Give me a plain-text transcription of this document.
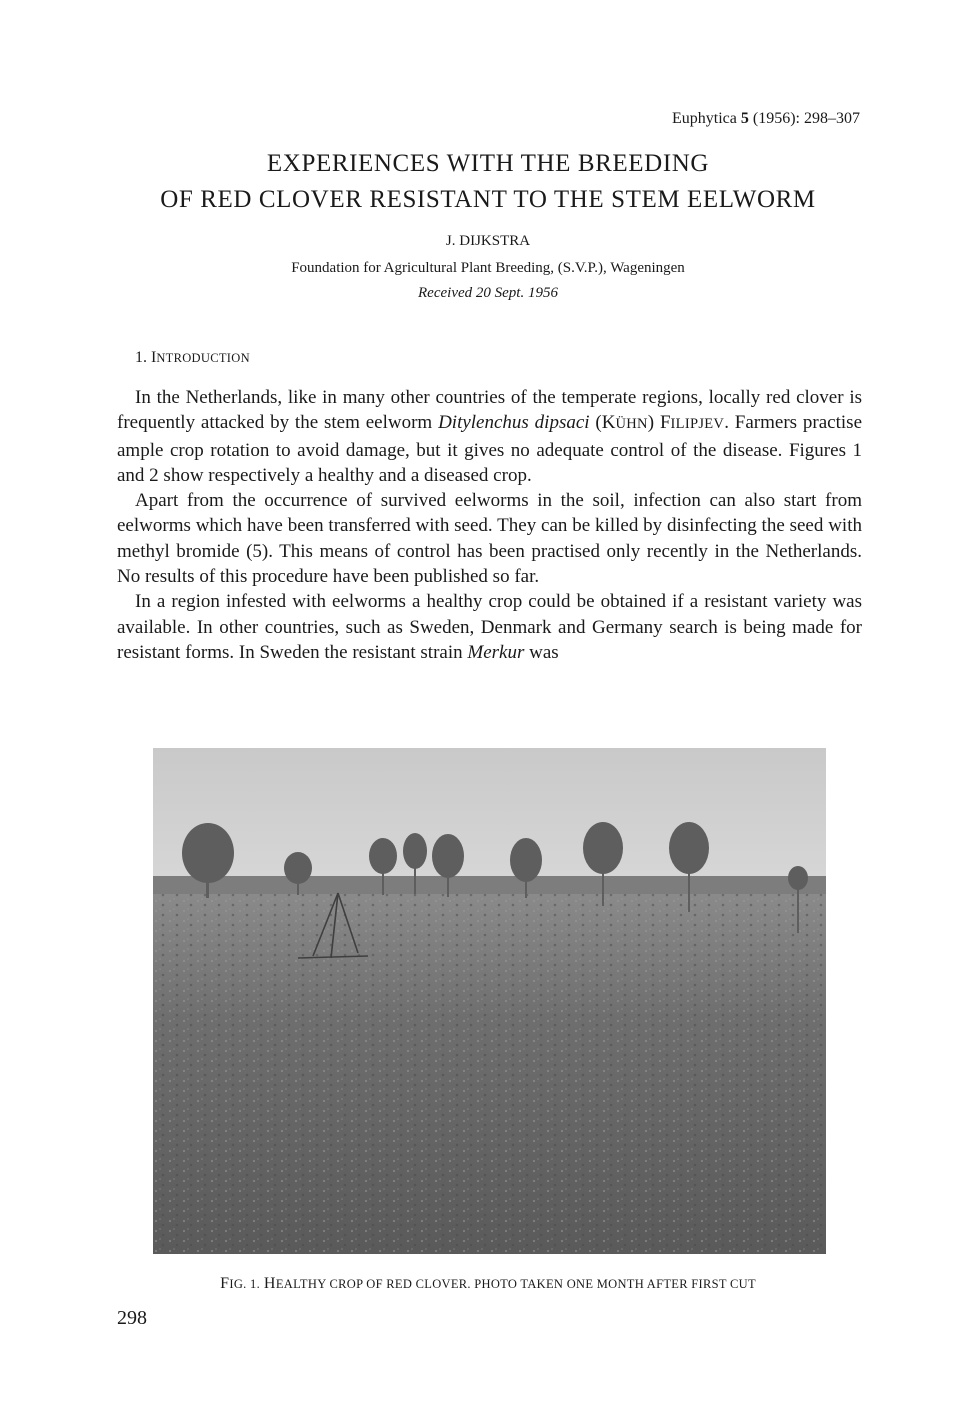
Euphytica 5 (1956): 298–307
EXPERIENCES WITH THE BREEDING
OF RED CLOVER RESISTANT TO THE STEM EELWORM
J. DIJKSTRA
Foundation for Agricultural Plant Breeding, (S.V.P.), Wageningen
Received 20 Sept. 1956
1. INTRODUCTION

In the Netherlands, like in many other countries of the temperate regions, locally red clover is frequently attacked by the stem eelworm Ditylenchus dipsaci (KÜHN) FILIPJEV. Farmers practise ample crop rotation to avoid damage, but it gives no adequate control of the disease. Figures 1 and 2 show respectively a healthy and a diseased crop.

Apart from the occurrence of survived eelworms in the soil, infection can also start from eelworms which have been transferred with seed. They can be killed by disinfecting the seed with methyl bromide (5). This means of control has been practised only recently in the Netherlands. No results of this procedure have been published so far.

In a region infested with eelworms a healthy crop could be obtained if a resistant variety was available. In other countries, such as Sweden, Denmark and Germany search is being made for resistant forms. In Sweden the resistant strain Merkur was

FIG. 1. HEALTHY CROP OF RED CLOVER. PHOTO TAKEN ONE MONTH AFTER FIRST CUT
298
